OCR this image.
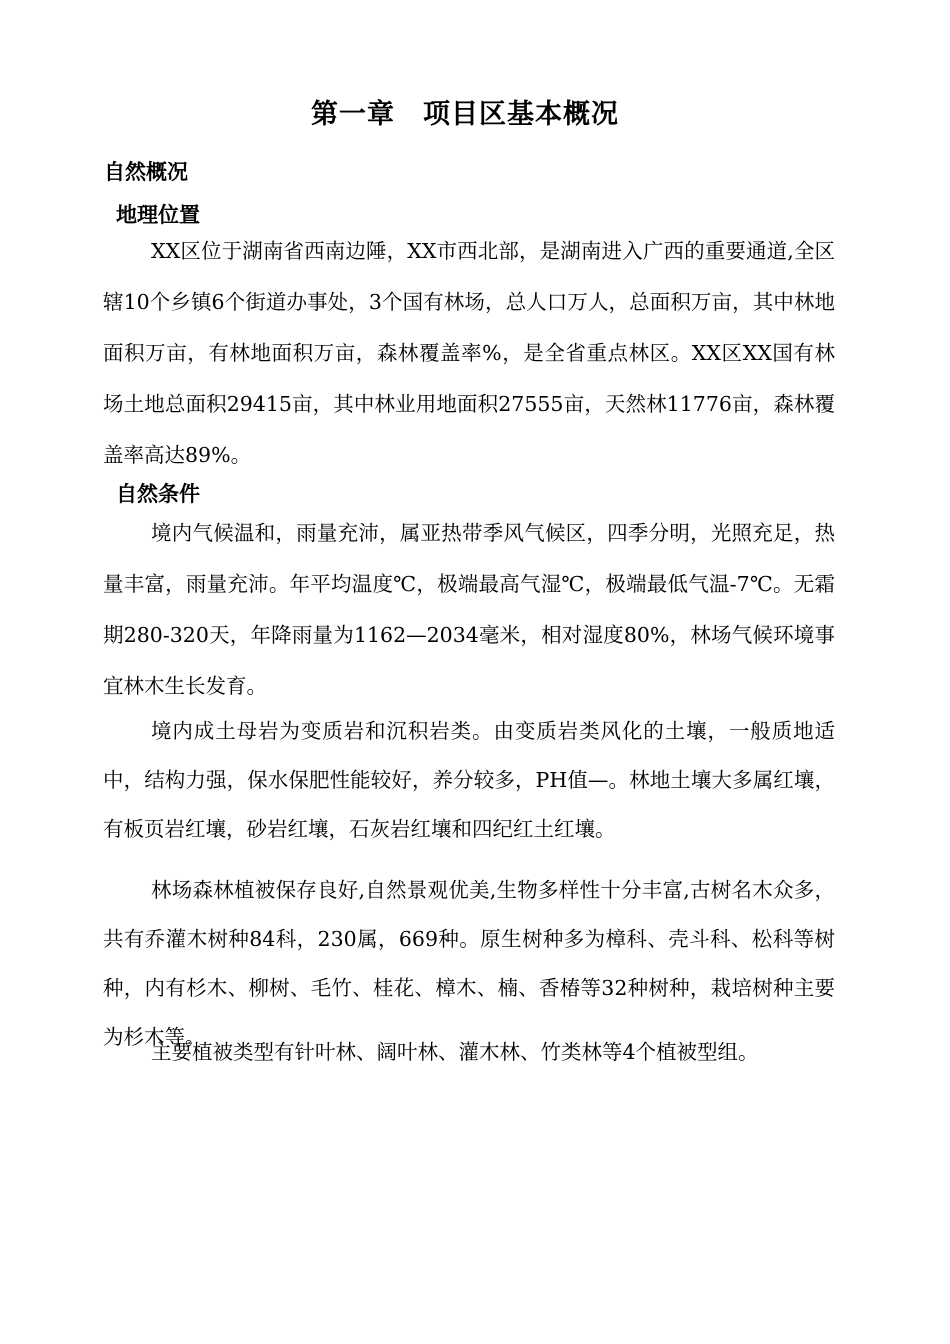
第一章　项目区基本概况
自然概况
地理位置

XX区位于湖南省西南边陲，XX市西北部，是湖南进入广西的重要通道,全区辖10个乡镇6个街道办事处，3个国有林场，总人口万人，总面积万亩，其中林地面积万亩，有林地面积万亩，森林覆盖率%，是全省重点林区。XX区XX国有林场土地总面积29415亩，其中林业用地面积27555亩，天然林11776亩，森林覆盖率高达89%。

自然条件

境内气候温和，雨量充沛，属亚热带季风气候区，四季分明，光照充足，热量丰富，雨量充沛。年平均温度℃，极端最高气湿℃，极端最低气温-7℃。无霜期280-320天，年降雨量为1162—2034毫米，相对湿度80%，林场气候环境事宜林木生长发育。

境内成土母岩为变质岩和沉积岩类。由变质岩类风化的土壤，一般质地适中，结构力强，保水保肥性能较好，养分较多，PH值—。林地土壤大多属红壤，有板页岩红壤，砂岩红壤，石灰岩红壤和四纪红土红壤。

林场森林植被保存良好,自然景观优美,生物多样性十分丰富,古树名木众多，共有乔灌木树种84科，230属，669种。原生树种多为樟科、壳斗科、松科等树种，内有杉木、柳树、毛竹、桂花、樟木、楠、香椿等32种树种，栽培树种主要为杉木等。

主要植被类型有针叶林、阔叶林、灌木林、竹类林等4个植被型组。
